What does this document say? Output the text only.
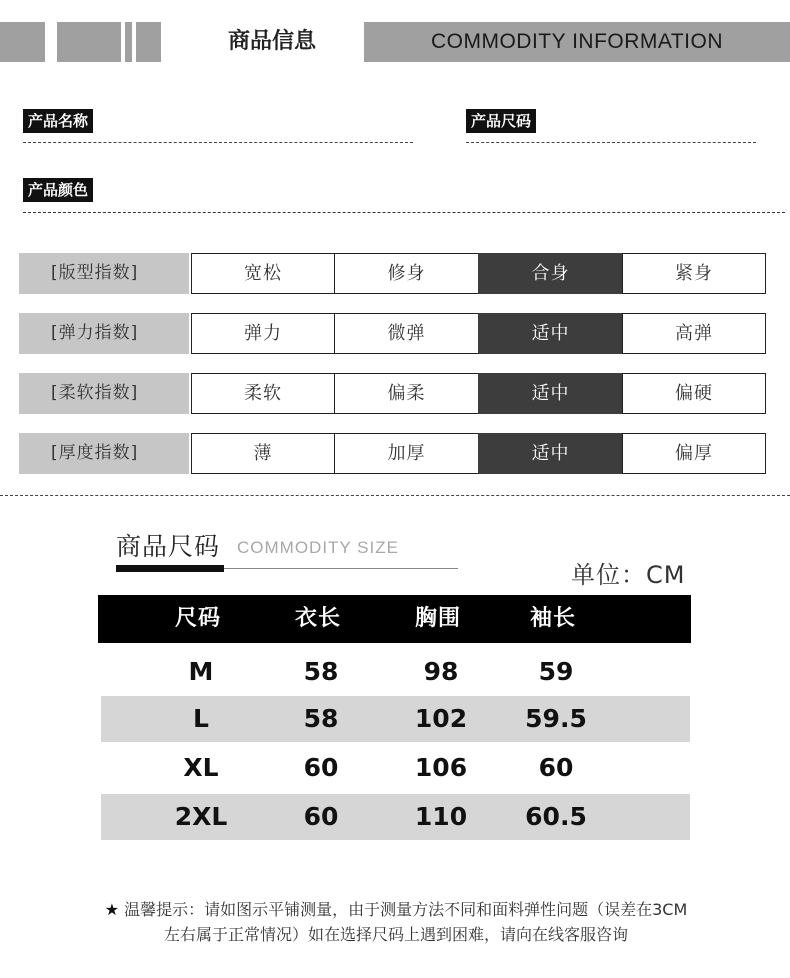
商品信息	COMMODITY INFORMATION
产品名称	产品尺码
产品颜色
[版型指数]	宽松	修身	合身	紧身
[弹力指数]	弹力	微弹	适中	高弹
[柔软指数]	柔软	偏柔	适中	偏硬
[厚度指数]	薄	加厚	适中	偏厚
商品尺码 COMMODITY SIZE
单位：CM
尺码	衣长	胸围	袖长
M	58	98	59
L	58	102	59.5
XL	60	106	60
2XL	60	110	60.5
★ 温馨提示：请如图示平铺测量，由于测量方法不同和面料弹性问题（误差在3CM
左右属于正常情况）如在选择尺码上遇到困难，请向在线客服咨询
